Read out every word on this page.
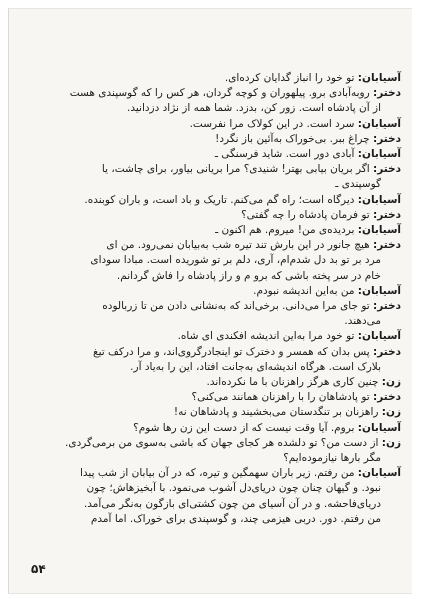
آسیابان: تو خود را انباز گدایان کرده‌ای.

دختر: روبه‌آبادی برو. پیلهوران و کوچه گردان، هر کس را که گوسپندی هست

از آن پادشاه است. زور کن، بدزد. شما همه از نژاد دزدانید.

آسیابان: سرد است. در این کولاک مرا نفرست.

دختر: چراغ ببر. بی‌خوراک به‌آئین باز نگرد!

آسیابان: آبادی دور است. شاید فرسنگی ـ

دختر: اگر بریان بیابی بهتر! شنیدی؟ مرا بریانی بیاور، برای چاشت، یا

گوسپندی ـ

آسیابان: دیرگاه است؛ راه گم می‌کنم. تاریک و باد است، و باران کوبنده.

دختر: تو فرمان پادشاه را چه گفتی؟

آسیابان: بردیده‌ی من! میروم. هم اکنون ـ

دختر: هیچ جانور در این بارش تند تیره شب به‌بیابان نمی‌رود. من ای

مرد بر تو بد دل شدم‌ام، آری، دلم بر تو شوریده است. مبادا سودای

خام در سر پخته باشی که برو م و راز پادشاه را فاش گردانم.

آسیابان: من به‌این اندیشه نبودم.

دختر: تو جای مرا می‌دانی. برخی‌اند که به‌نشانی دادن من تا زربالوده

می‌دهند.

آسیابان: تو خود مرا به‌این اندیشه افکندی ای شاه.

دختر: پس بدان که همسر و دخترک تو اینجادرگروی‌اند، و مرا درکف تیغ

بلارک است. هرگاه اندیشه‌ای به‌جانت افتاد، این را به‌یاد آر.

زن: چنین کاری هرگز راهزنان با ما نکرده‌اند.

دختر: تو پادشاهان را با راهزنان همانند می‌کنی؟

زن: راهزنان بر تنگدستان می‌بخشیند و پادشاهان نه!

آسیابان: بروم. آیا وقت نیست که از دست این زن رها شوم؟

زن: از دست من؟ تو دلشده هر کجای جهان که باشی به‌سوی من برمی‌گردی.

مگر بارها نیازموده‌ایم؟

آسیابان: من رفتم. زیر باران سهمگین و تیره، که در آن بیابان از شب پیدا

نبود. و گیهان چنان چون دریای‌دل آشوب می‌نمود. با آبخیزهاش؛ چون

دریای‌فاحشه. و در آن آسیای من چون کشتی‌ای بازگون به‌نگر می‌آمد.

من رفتم. دور. دربی هیزمی چند، و گوسپندی برای خوراک. اما آمدم

۵۴
